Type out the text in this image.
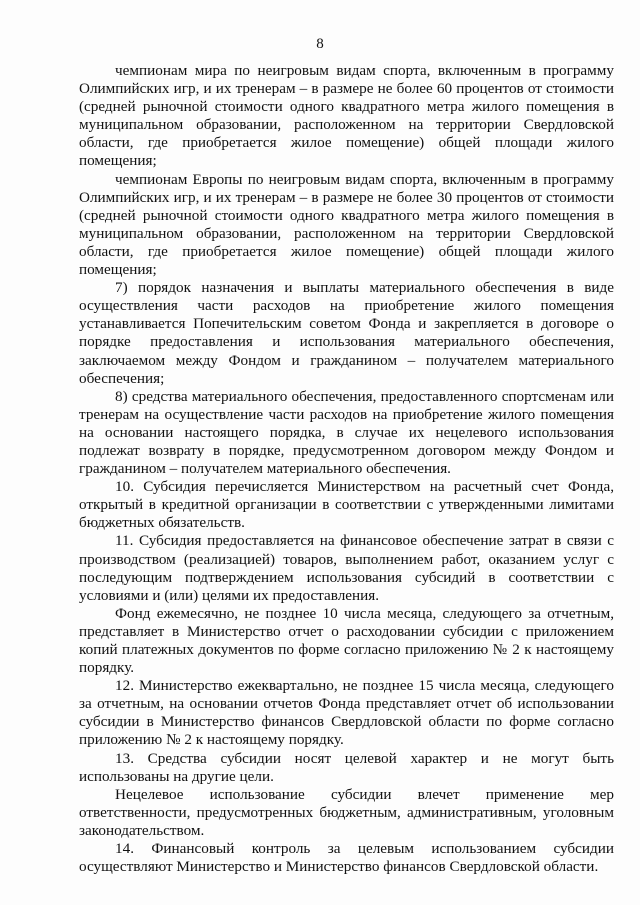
8

чемпионам мира по неигровым видам спорта, включенным в программу Олимпийских игр, и их тренерам – в размере не более 60 процентов от стоимости (средней рыночной стоимости одного квадратного метра жилого помещения в муниципальном образовании, расположенном на территории Свердловской области, где приобретается жилое помещение) общей площади жилого помещения;

чемпионам Европы по неигровым видам спорта, включенным в программу Олимпийских игр, и их тренерам – в размере не более 30 процентов от стоимости (средней рыночной стоимости одного квадратного метра жилого помещения в муниципальном образовании, расположенном на территории Свердловской области, где приобретается жилое помещение) общей площади жилого помещения;

7) порядок назначения и выплаты материального обеспечения в виде осуществления части расходов на приобретение жилого помещения устанавливается Попечительским советом Фонда и закрепляется в договоре о порядке предоставления и использования материального обеспечения, заключаемом между Фондом и гражданином – получателем материального обеспечения;

8) средства материального обеспечения, предоставленного спортсменам или тренерам на осуществление части расходов на приобретение жилого помещения на основании настоящего порядка, в случае их нецелевого использования подлежат возврату в порядке, предусмотренном договором между Фондом и гражданином – получателем материального обеспечения.

10. Субсидия перечисляется Министерством на расчетный счет Фонда, открытый в кредитной организации в соответствии с утвержденными лимитами бюджетных обязательств.

11. Субсидия предоставляется на финансовое обеспечение затрат в связи с производством (реализацией) товаров, выполнением работ, оказанием услуг с последующим подтверждением использования субсидий в соответствии с условиями и (или) целями их предоставления.

Фонд ежемесячно, не позднее 10 числа месяца, следующего за отчетным, представляет в Министерство отчет о расходовании субсидии с приложением копий платежных документов по форме согласно приложению № 2 к настоящему порядку.

12. Министерство ежеквартально, не позднее 15 числа месяца, следующего за отчетным, на основании отчетов Фонда представляет отчет об использовании субсидии в Министерство финансов Свердловской области по форме согласно приложению № 2 к настоящему порядку.

13. Средства субсидии носят целевой характер и не могут быть использованы на другие цели.

Нецелевое использование субсидии влечет применение мер ответственности, предусмотренных бюджетным, административным, уголовным законодательством.

14. Финансовый контроль за целевым использованием субсидии осуществляют Министерство и Министерство финансов Свердловской области.
